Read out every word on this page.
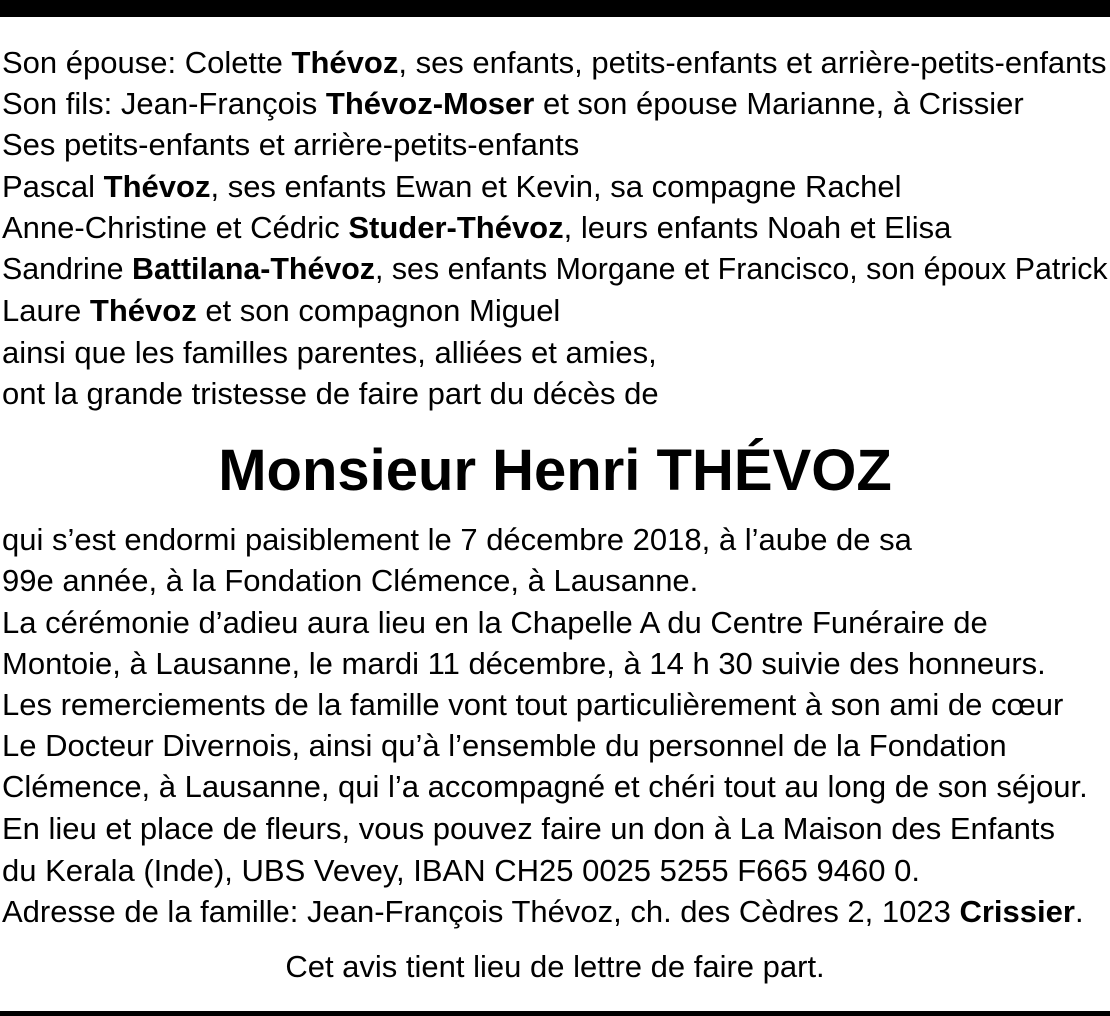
Son épouse: Colette Thévoz, ses enfants, petits-enfants et arrière-petits-enfants
Son fils: Jean-François Thévoz-Moser et son épouse Marianne, à Crissier
Ses petits-enfants et arrière-petits-enfants
Pascal Thévoz, ses enfants Ewan et Kevin, sa compagne Rachel
Anne-Christine et Cédric Studer-Thévoz, leurs enfants Noah et Elisa
Sandrine Battilana-Thévoz, ses enfants Morgane et Francisco, son époux Patrick
Laure Thévoz et son compagnon Miguel
ainsi que les familles parentes, alliées et amies,
ont la grande tristesse de faire part du décès de
Monsieur Henri THÉVOZ
qui s’est endormi paisiblement le 7 décembre 2018, à l’aube de sa
99e année, à la Fondation Clémence, à Lausanne.
La cérémonie d’adieu aura lieu en la Chapelle A du Centre Funéraire de
Montoie, à Lausanne, le mardi 11 décembre, à 14 h 30 suivie des honneurs.
Les remerciements de la famille vont tout particulièrement à son ami de cœur
Le Docteur Divernois, ainsi qu’à l’ensemble du personnel de la Fondation
Clémence, à Lausanne, qui l’a accompagné et chéri tout au long de son séjour.
En lieu et place de fleurs, vous pouvez faire un don à La Maison des Enfants
du Kerala (Inde), UBS Vevey, IBAN CH25 0025 5255 F665 9460 0.
Adresse de la famille: Jean-François Thévoz, ch. des Cèdres 2, 1023 Crissier.
Cet avis tient lieu de lettre de faire part.
